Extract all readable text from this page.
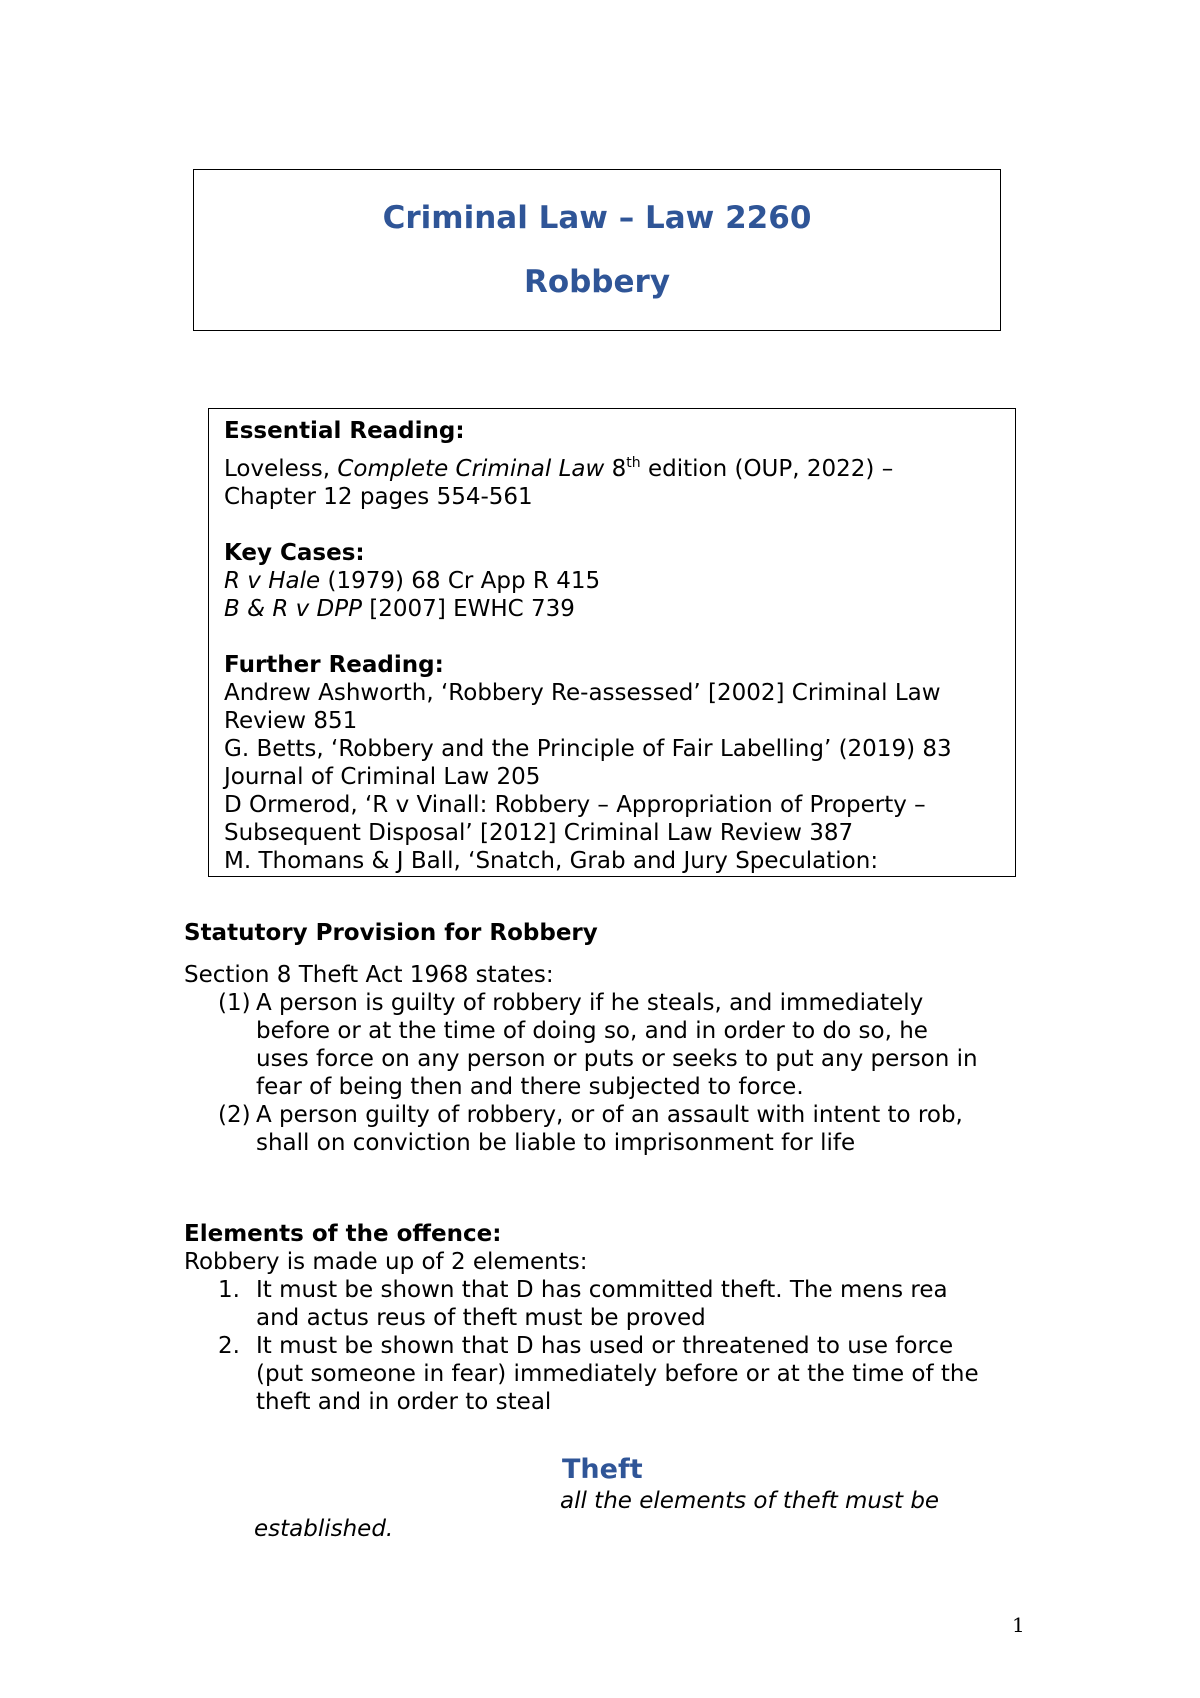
Criminal Law – Law 2260
Robbery
Essential Reading:
Loveless, Complete Criminal Law 8th edition (OUP, 2022) –
Chapter 12 pages 554-561
Key Cases:
R v Hale (1979) 68 Cr App R 415
B & R v DPP [2007] EWHC 739
Further Reading:
Andrew Ashworth, ‘Robbery Re-assessed’ [2002] Criminal Law
Review 851
G. Betts, ‘Robbery and the Principle of Fair Labelling’ (2019) 83
Journal of Criminal Law 205
D Ormerod, ‘R v Vinall: Robbery – Appropriation of Property –
Subsequent Disposal’ [2012] Criminal Law Review 387
M. Thomans & J Ball, ‘Snatch, Grab and Jury Speculation:
Statutory Provision for Robbery
Section 8 Theft Act 1968 states:
(1) A person is guilty of robbery if he steals, and immediately
before or at the time of doing so, and in order to do so, he
uses force on any person or puts or seeks to put any person in
fear of being then and there subjected to force.
(2) A person guilty of robbery, or of an assault with intent to rob,
shall on conviction be liable to imprisonment for life
Elements of the offence:
Robbery is made up of 2 elements:
1. It must be shown that D has committed theft. The mens rea
and actus reus of theft must be proved
2. It must be shown that D has used or threatened to use force
(put someone in fear) immediately before or at the time of the
theft and in order to steal
Theft
all the elements of theft must be
established.
1
